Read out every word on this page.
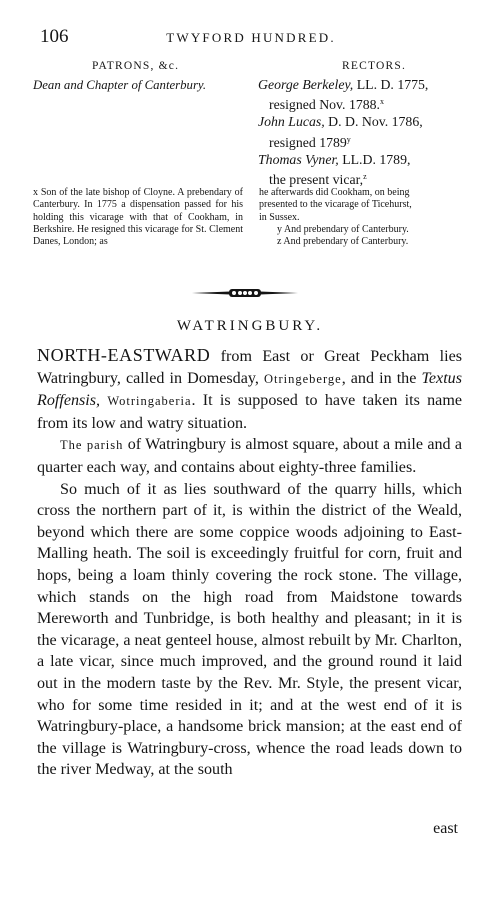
106	TWYFORD HUNDRED.
PATRONS, &c.	RECTORS.
Dean and Chapter of Canterbury.	George Berkeley, LL. D. 1775,
resigned Nov. 1788.$^x$

John Lucas, D. D. Nov. 1786,
resigned 1789$^y$

Thomas Vyner, LL.D. 1789,
the present vicar,$^z$

x Son of the late bishop of Cloyne. A prebendary of Canterbury. In 1775 a dispensation passed for his holding this vicarage with that of Cookham, in Berkshire. He resigned this vicarage for St. Clement Danes, London; as

he afterwards did Cookham, on being

presented to the vicarage of Ticehurst,

in Sussex.

y And prebendary of Canterbury.

z And prebendary of Canterbury.

WATRINGBURY.

NORTH-EASTWARD from East or Great Peckham lies Watringbury, called in Domesday, Otringeberge, and in the Textus Roffensis, Wotringaberia. It is supposed to have taken its name from its low and watry situation.

The parish of Watringbury is almost square, about a mile and a quarter each way, and contains about eighty-three families.

So much of it as lies southward of the quarry hills, which cross the northern part of it, is within the district of the Weald, beyond which there are some coppice woods adjoining to East-Malling heath. The soil is exceedingly fruitful for corn, fruit and hops, being a loam thinly covering the rock stone. The village, which stands on the high road from Maidstone towards Mereworth and Tunbridge, is both healthy and pleasant; in it is the vicarage, a neat genteel house, almost rebuilt by Mr. Charlton, a late vicar, since much improved, and the ground round it laid out in the modern taste by the Rev. Mr. Style, the present vicar, who for some time resided in it; and at the west end of it is Watringbury-place, a handsome brick mansion; at the east end of the village is Watringbury-cross, whence the road leads down to the river Medway, at the south

east
